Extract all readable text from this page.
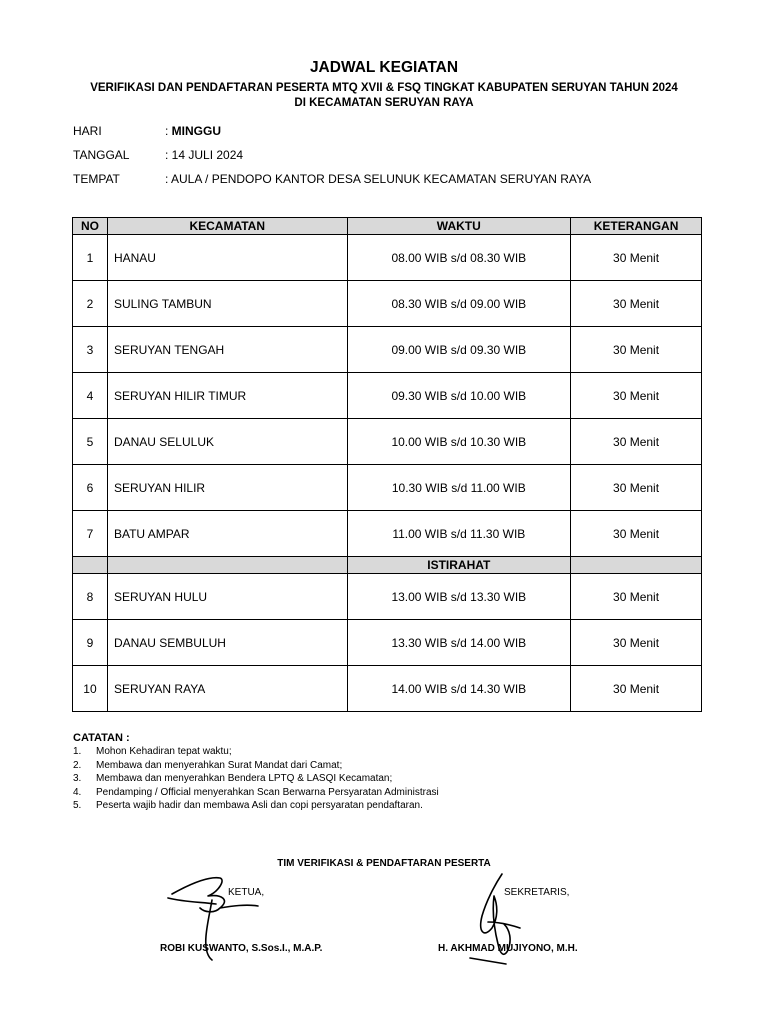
JADWAL KEGIATAN
VERIFIKASI DAN PENDAFTARAN PESERTA MTQ XVII & FSQ TINGKAT KABUPATEN SERUYAN TAHUN 2024
DI KECAMATAN SERUYAN RAYA
HARI	: MINGGU
TANGGAL	: 14 JULI 2024
TEMPAT	: AULA / PENDOPO KANTOR DESA SELUNUK KECAMATAN SERUYAN RAYA
NO	KECAMATAN	WAKTU	KETERANGAN
1	HANAU	08.00 WIB s/d 08.30 WIB	30 Menit
2	SULING TAMBUN	08.30 WIB s/d 09.00 WIB	30 Menit
3	SERUYAN TENGAH	09.00 WIB s/d 09.30 WIB	30 Menit
4	SERUYAN HILIR TIMUR	09.30 WIB s/d 10.00 WIB	30 Menit
5	DANAU SELULUK	10.00 WIB s/d 10.30 WIB	30 Menit
6	SERUYAN HILIR	10.30 WIB s/d 11.00 WIB	30 Menit
7	BATU AMPAR	11.00 WIB s/d 11.30 WIB	30 Menit
		ISTIRAHAT	
8	SERUYAN HULU	13.00 WIB s/d 13.30 WIB	30 Menit
9	DANAU SEMBULUH	13.30 WIB s/d 14.00 WIB	30 Menit
10	SERUYAN RAYA	14.00 WIB s/d 14.30 WIB	30 Menit
CATATAN :
1. Mohon Kehadiran tepat waktu;
2. Membawa dan menyerahkan Surat Mandat dari Camat;
3. Membawa dan menyerahkan Bendera LPTQ & LASQI Kecamatan;
4. Pendamping / Official menyerahkan Scan Berwarna Persyaratan Administrasi
5. Peserta wajib hadir dan membawa Asli dan copi persyaratan pendaftaran.
TIM VERIFIKASI & PENDAFTARAN PESERTA
KETUA,	SEKRETARIS,
ROBI KUSWANTO, S.Sos.I., M.A.P.	H. AKHMAD MUJIYONO, M.H.
